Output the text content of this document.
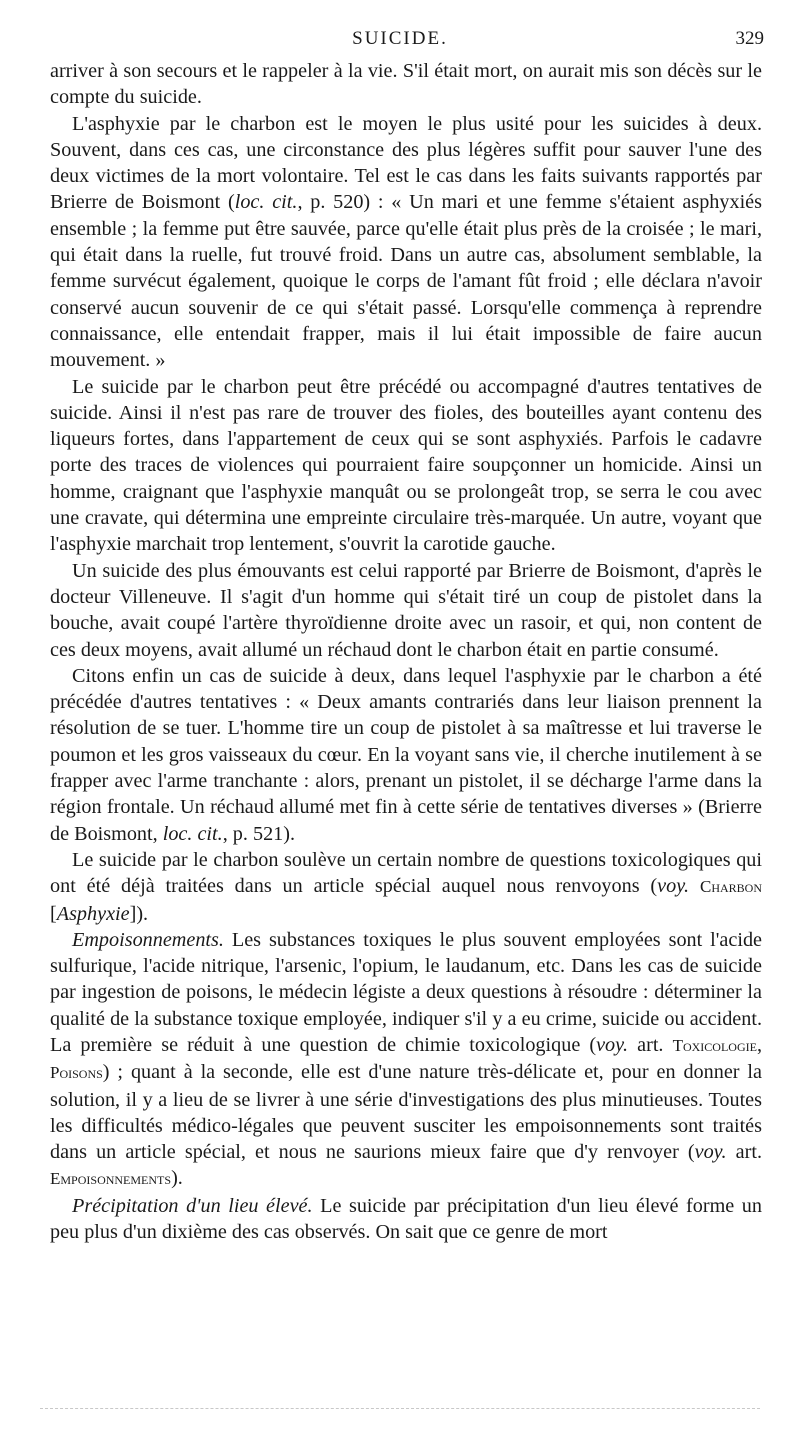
SUICIDE.	329

arriver à son secours et le rappeler à la vie. S'il était mort, on aurait mis son décès sur le compte du suicide.

L'asphyxie par le charbon est le moyen le plus usité pour les suicides à deux. Souvent, dans ces cas, une circonstance des plus légères suffit pour sauver l'une des deux victimes de la mort volontaire. Tel est le cas dans les faits suivants rapportés par Brierre de Boismont (loc. cit., p. 520) : « Un mari et une femme s'étaient asphyxiés ensemble ; la femme put être sauvée, parce qu'elle était plus près de la croisée ; le mari, qui était dans la ruelle, fut trouvé froid. Dans un autre cas, absolument semblable, la femme survécut également, quoique le corps de l'amant fût froid ; elle déclara n'avoir conservé aucun souvenir de ce qui s'était passé. Lorsqu'elle commença à reprendre connaissance, elle entendait frapper, mais il lui était impossible de faire aucun mouvement. »

Le suicide par le charbon peut être précédé ou accompagné d'autres tentatives de suicide. Ainsi il n'est pas rare de trouver des fioles, des bouteilles ayant contenu des liqueurs fortes, dans l'appartement de ceux qui se sont asphyxiés. Parfois le cadavre porte des traces de violences qui pourraient faire soupçonner un homicide. Ainsi un homme, craignant que l'asphyxie manquât ou se prolongeât trop, se serra le cou avec une cravate, qui détermina une empreinte circulaire très-marquée. Un autre, voyant que l'asphyxie marchait trop lentement, s'ouvrit la carotide gauche.

Un suicide des plus émouvants est celui rapporté par Brierre de Boismont, d'après le docteur Villeneuve. Il s'agit d'un homme qui s'était tiré un coup de pistolet dans la bouche, avait coupé l'artère thyroïdienne droite avec un rasoir, et qui, non content de ces deux moyens, avait allumé un réchaud dont le charbon était en partie consumé.

Citons enfin un cas de suicide à deux, dans lequel l'asphyxie par le charbon a été précédée d'autres tentatives : « Deux amants contrariés dans leur liaison prennent la résolution de se tuer. L'homme tire un coup de pistolet à sa maîtresse et lui traverse le poumon et les gros vaisseaux du cœur. En la voyant sans vie, il cherche inutilement à se frapper avec l'arme tranchante : alors, prenant un pistolet, il se décharge l'arme dans la région frontale. Un réchaud allumé met fin à cette série de tentatives diverses » (Brierre de Boismont, loc. cit., p. 521).

Le suicide par le charbon soulève un certain nombre de questions toxicologiques qui ont été déjà traitées dans un article spécial auquel nous renvoyons (voy. Charbon [Asphyxie]).

Empoisonnements. Les substances toxiques le plus souvent employées sont l'acide sulfurique, l'acide nitrique, l'arsenic, l'opium, le laudanum, etc. Dans les cas de suicide par ingestion de poisons, le médecin légiste a deux questions à résoudre : déterminer la qualité de la substance toxique employée, indiquer s'il y a eu crime, suicide ou accident. La première se réduit à une question de chimie toxicologique (voy. art. Toxicologie, Poisons) ; quant à la seconde, elle est d'une nature très-délicate et, pour en donner la solution, il y a lieu de se livrer à une série d'investigations des plus minutieuses. Toutes les difficultés médico-légales que peuvent susciter les empoisonnements sont traités dans un article spécial, et nous ne saurions mieux faire que d'y renvoyer (voy. art. Empoisonnements).

Précipitation d'un lieu élevé. Le suicide par précipitation d'un lieu élevé forme un peu plus d'un dixième des cas observés. On sait que ce genre de mort
